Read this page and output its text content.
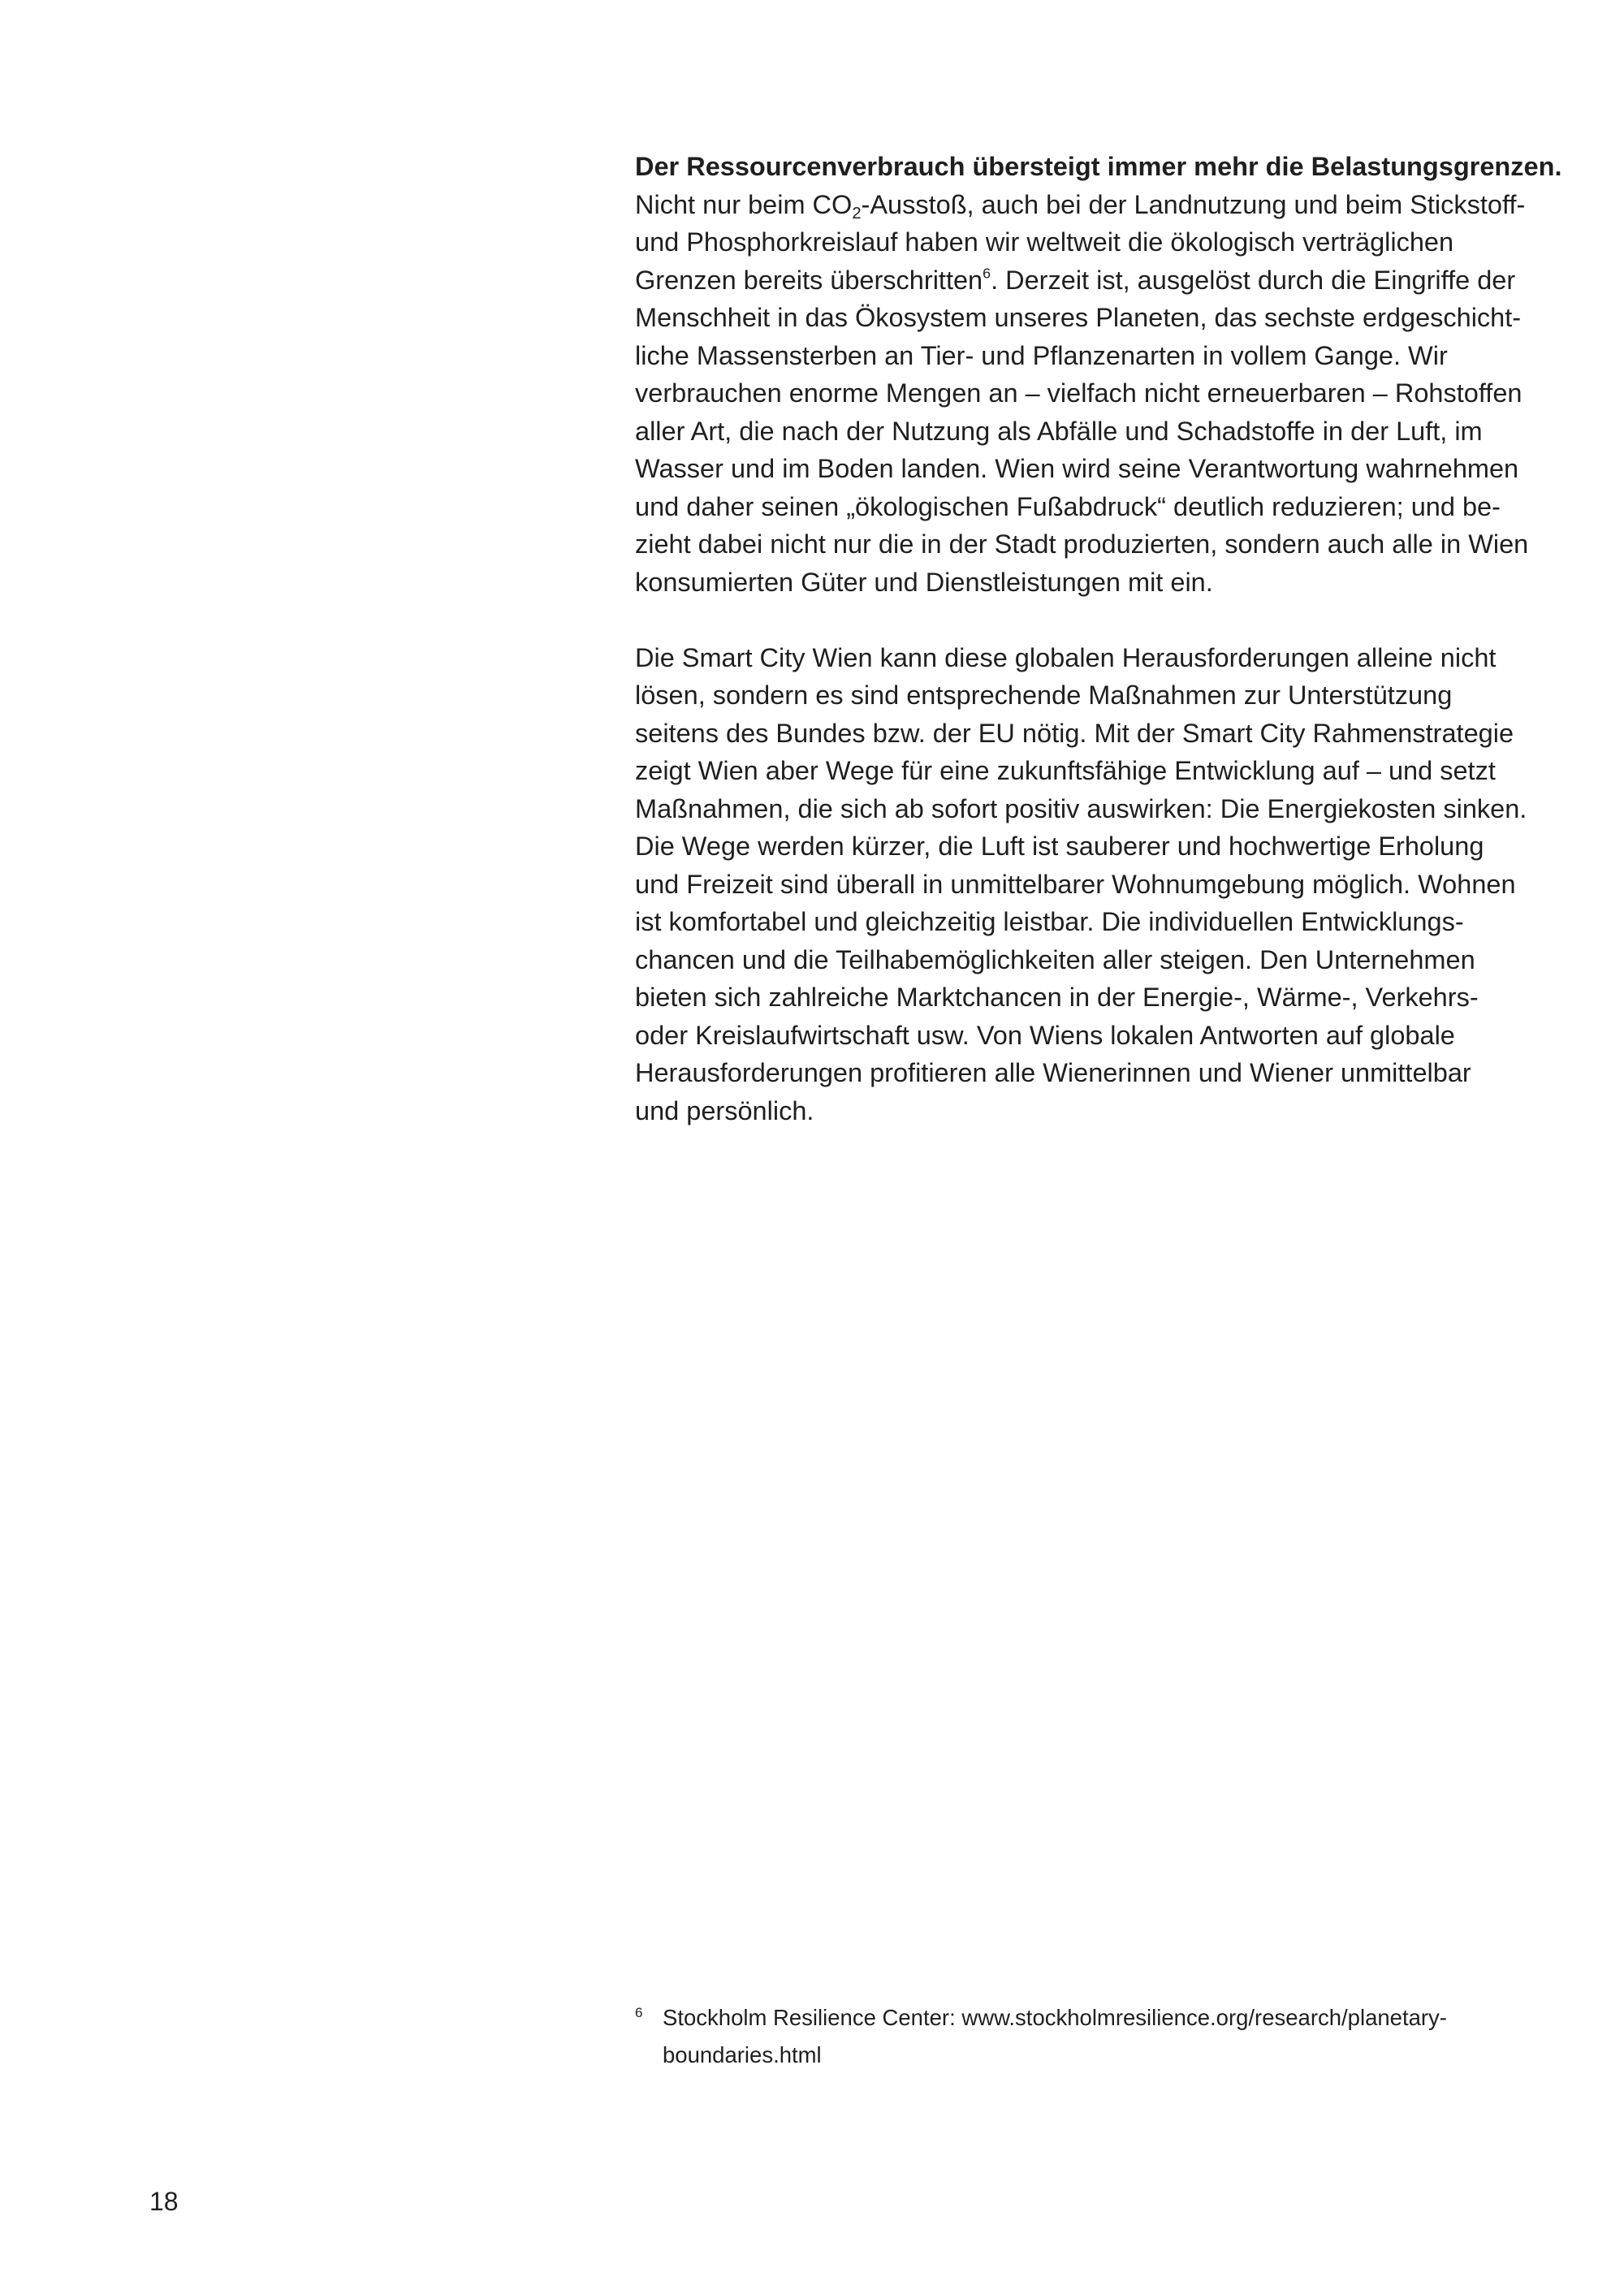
Der Ressourcenverbrauch übersteigt immer mehr die Belastungsgrenzen.
Nicht nur beim $CO_2$-Ausstoß, auch bei der Landnutzung und beim Stickstoff-
und Phosphorkreislauf haben wir weltweit die ökologisch verträglichen
Grenzen bereits überschritten$^6$. Derzeit ist, ausgelöst durch die Eingriffe der
Menschheit in das Ökosystem unseres Planeten, das sechste erdgeschicht-
liche Massensterben an Tier- und Pflanzenarten in vollem Gange. Wir
verbrauchen enorme Mengen an – vielfach nicht erneuerbaren – Rohstoffen
aller Art, die nach der Nutzung als Abfälle und Schadstoffe in der Luft, im
Wasser und im Boden landen. Wien wird seine Verantwortung wahrnehmen
und daher seinen „ökologischen Fußabdruck“ deutlich reduzieren; und be-
zieht dabei nicht nur die in der Stadt produzierten, sondern auch alle in Wien
konsumierten Güter und Dienstleistungen mit ein.

Die Smart City Wien kann diese globalen Herausforderungen alleine nicht
lösen, sondern es sind entsprechende Maßnahmen zur Unterstützung
seitens des Bundes bzw. der EU nötig. Mit der Smart City Rahmenstrategie
zeigt Wien aber Wege für eine zukunftsfähige Entwicklung auf – und setzt
Maßnahmen, die sich ab sofort positiv auswirken: Die Energiekosten sinken.
Die Wege werden kürzer, die Luft ist sauberer und hochwertige Erholung
und Freizeit sind überall in unmittelbarer Wohnumgebung möglich. Wohnen
ist komfortabel und gleichzeitig leistbar. Die individuellen Entwicklungs-
chancen und die Teilhabemöglichkeiten aller steigen. Den Unternehmen
bieten sich zahlreiche Marktchancen in der Energie-, Wärme-, Verkehrs-
oder Kreislaufwirtschaft usw. Von Wiens lokalen Antworten auf globale
Herausforderungen profitieren alle Wienerinnen und Wiener unmittelbar
und persönlich.

6 Stockholm Resilience Center: www.stockholmresilience.org/research/planetary-
boundaries.html
18
